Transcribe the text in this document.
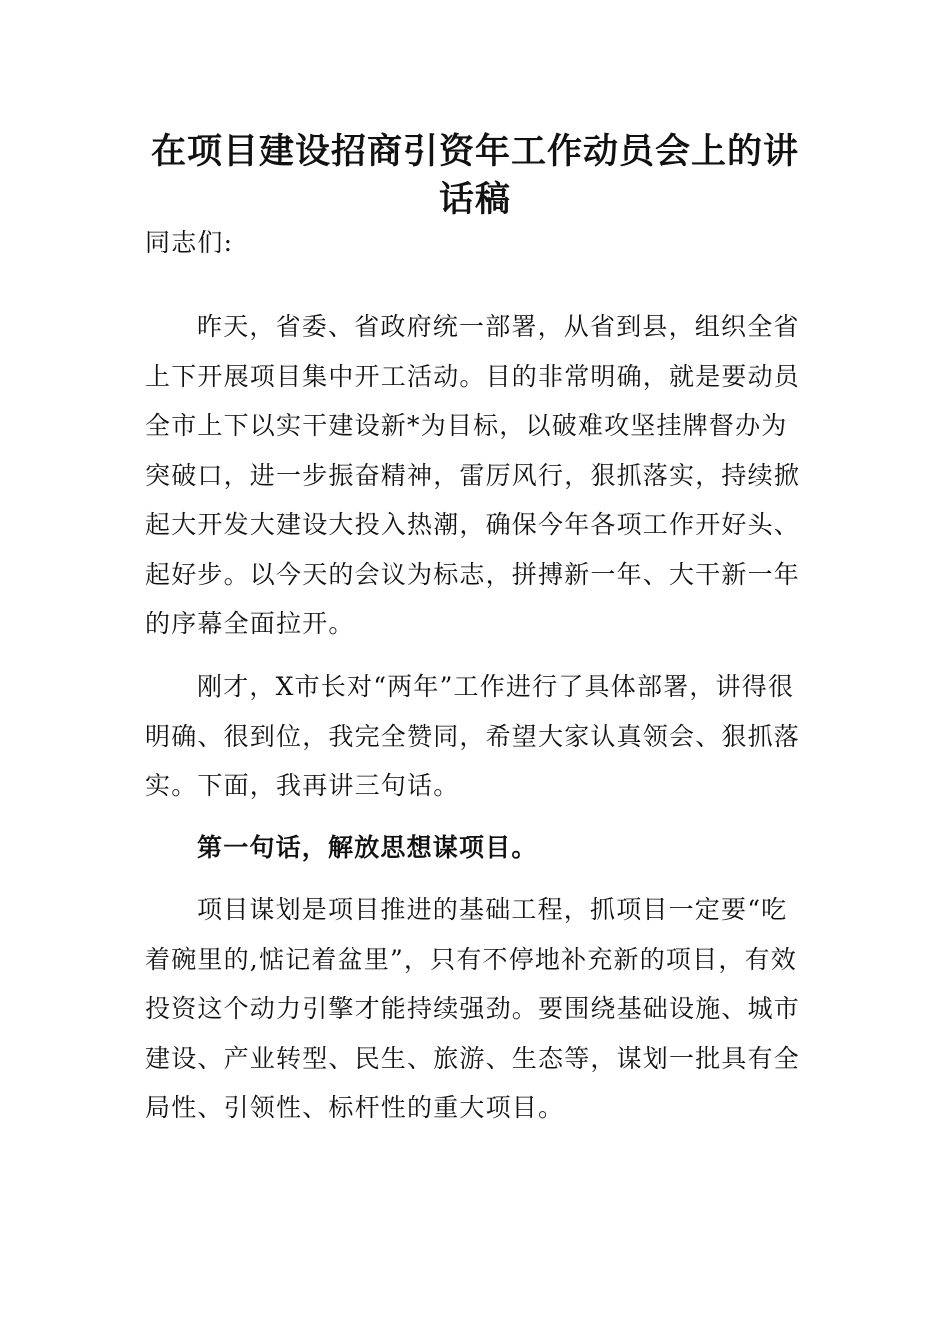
在项目建设招商引资年工作动员会上的讲话稿

同志们:

昨天，省委、省政府统一部署，从省到县，组织全省上下开展项目集中开工活动。目的非常明确，就是要动员全市上下以实干建设新*为目标，以破难攻坚挂牌督办为突破口，进一步振奋精神，雷厉风行，狠抓落实，持续掀起大开发大建设大投入热潮，确保今年各项工作开好头、起好步。以今天的会议为标志，拼搏新一年、大干新一年的序幕全面拉开。

刚才，X市长对“两年”工作进行了具体部署，讲得很明确、很到位，我完全赞同，希望大家认真领会、狠抓落实。下面，我再讲三句话。

第一句话，解放思想谋项目。

项目谋划是项目推进的基础工程，抓项目一定要“吃着碗里的,惦记着盆里”，只有不停地补充新的项目，有效投资这个动力引擎才能持续强劲。要围绕基础设施、城市建设、产业转型、民生、旅游、生态等，谋划一批具有全局性、引领性、标杆性的重大项目。
